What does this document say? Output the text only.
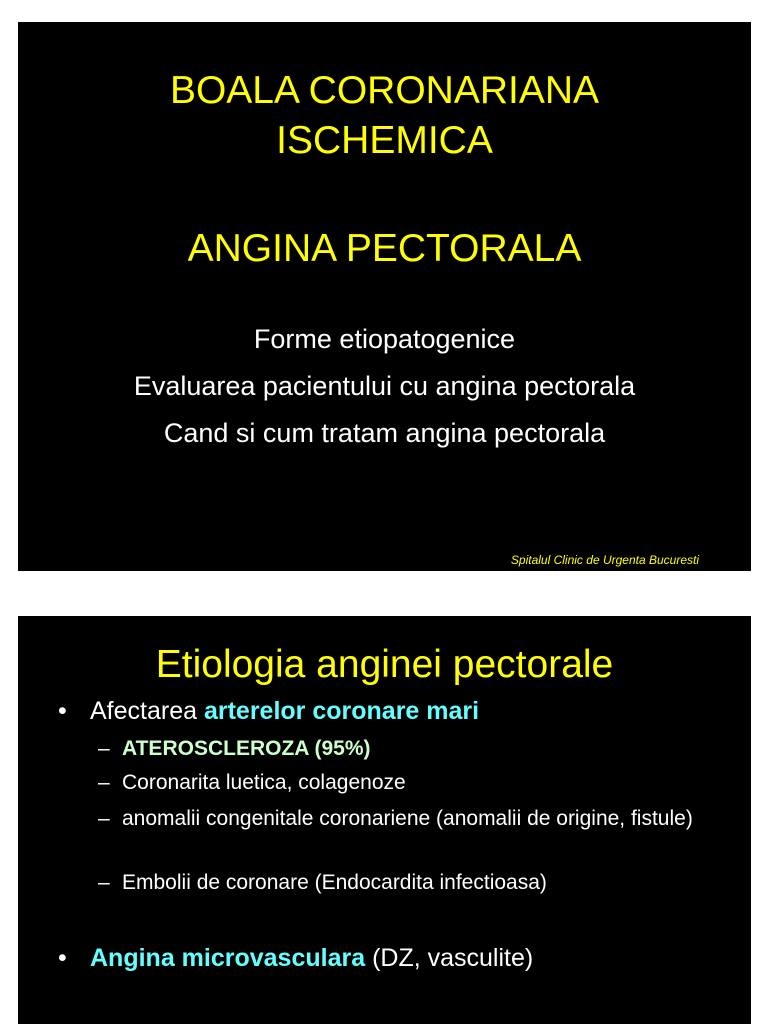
BOALA CORONARIANA
ISCHEMICA
ANGINA PECTORALA
Forme etiopatogenice
Evaluarea pacientului cu angina pectorala
Cand si cum tratam angina pectorala
Spitalul Clinic de Urgenta Bucuresti
Etiologia anginei pectorale
• Afectarea arterelor coronare mari
– ATEROSCLEROZA (95%)
– Coronarita luetica, colagenoze
– anomalii congenitale coronariene (anomalii de origine, fistule)
– Embolii de coronare (Endocardita infectioasa)
• Angina microvasculara (DZ, vasculite)
